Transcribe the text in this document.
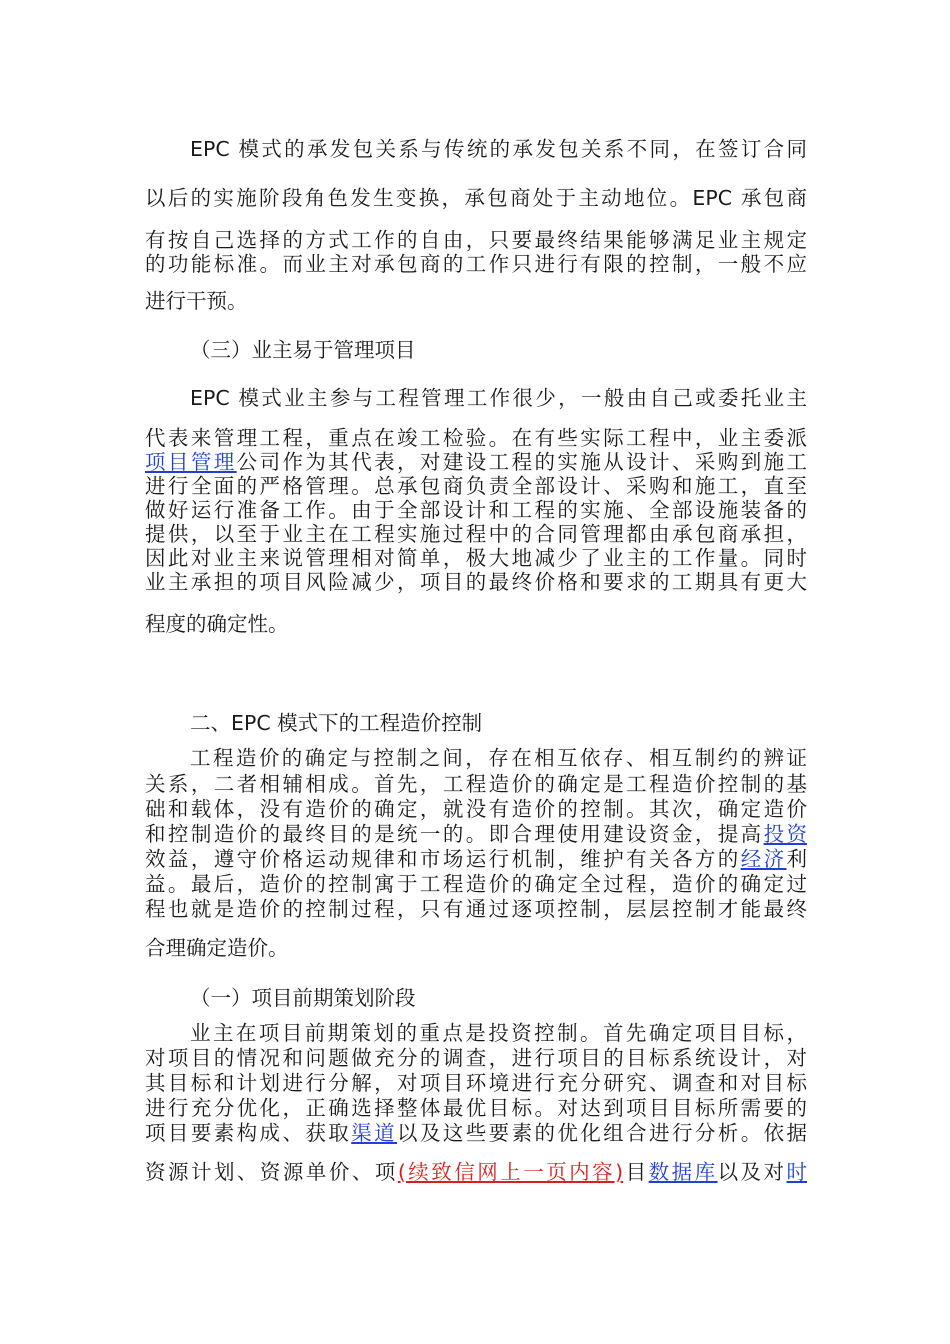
EPC 模式的承发包关系与传统的承发包关系不同，在签订合同
以后的实施阶段角色发生变换，承包商处于主动地位。EPC 承包商
有按自己选择的方式工作的自由，只要最终结果能够满足业主规定
的功能标准。而业主对承包商的工作只进行有限的控制，一般不应
进行干预。
（三）业主易于管理项目
EPC 模式业主参与工程管理工作很少，一般由自己或委托业主
代表来管理工程，重点在竣工检验。在有些实际工程中，业主委派
项目管理公司作为其代表，对建设工程的实施从设计、采购到施工
进行全面的严格管理。总承包商负责全部设计、采购和施工，直至
做好运行准备工作。由于全部设计和工程的实施、全部设施装备的
提供，以至于业主在工程实施过程中的合同管理都由承包商承担，
因此对业主来说管理相对简单，极大地减少了业主的工作量。同时
业主承担的项目风险减少，项目的最终价格和要求的工期具有更大
程度的确定性。
二、EPC 模式下的工程造价控制
工程造价的确定与控制之间，存在相互依存、相互制约的辨证
关系，二者相辅相成。首先，工程造价的确定是工程造价控制的基
础和载体，没有造价的确定，就没有造价的控制。其次，确定造价
和控制造价的最终目的是统一的。即合理使用建设资金，提高投资
效益，遵守价格运动规律和市场运行机制，维护有关各方的经济利
益。最后，造价的控制寓于工程造价的确定全过程，造价的确定过
程也就是造价的控制过程，只有通过逐项控制，层层控制才能最终
合理确定造价。
（一）项目前期策划阶段
业主在项目前期策划的重点是投资控制。首先确定项目目标，
对项目的情况和问题做充分的调查，进行项目的目标系统设计，对
其目标和计划进行分解，对项目环境进行充分研究、调查和对目标
进行充分优化，正确选择整体最优目标。对达到项目目标所需要的
项目要素构成、获取渠道以及这些要素的优化组合进行分析。依据
资源计划、资源单价、项(续致信网上一页内容)目数据库以及对时
